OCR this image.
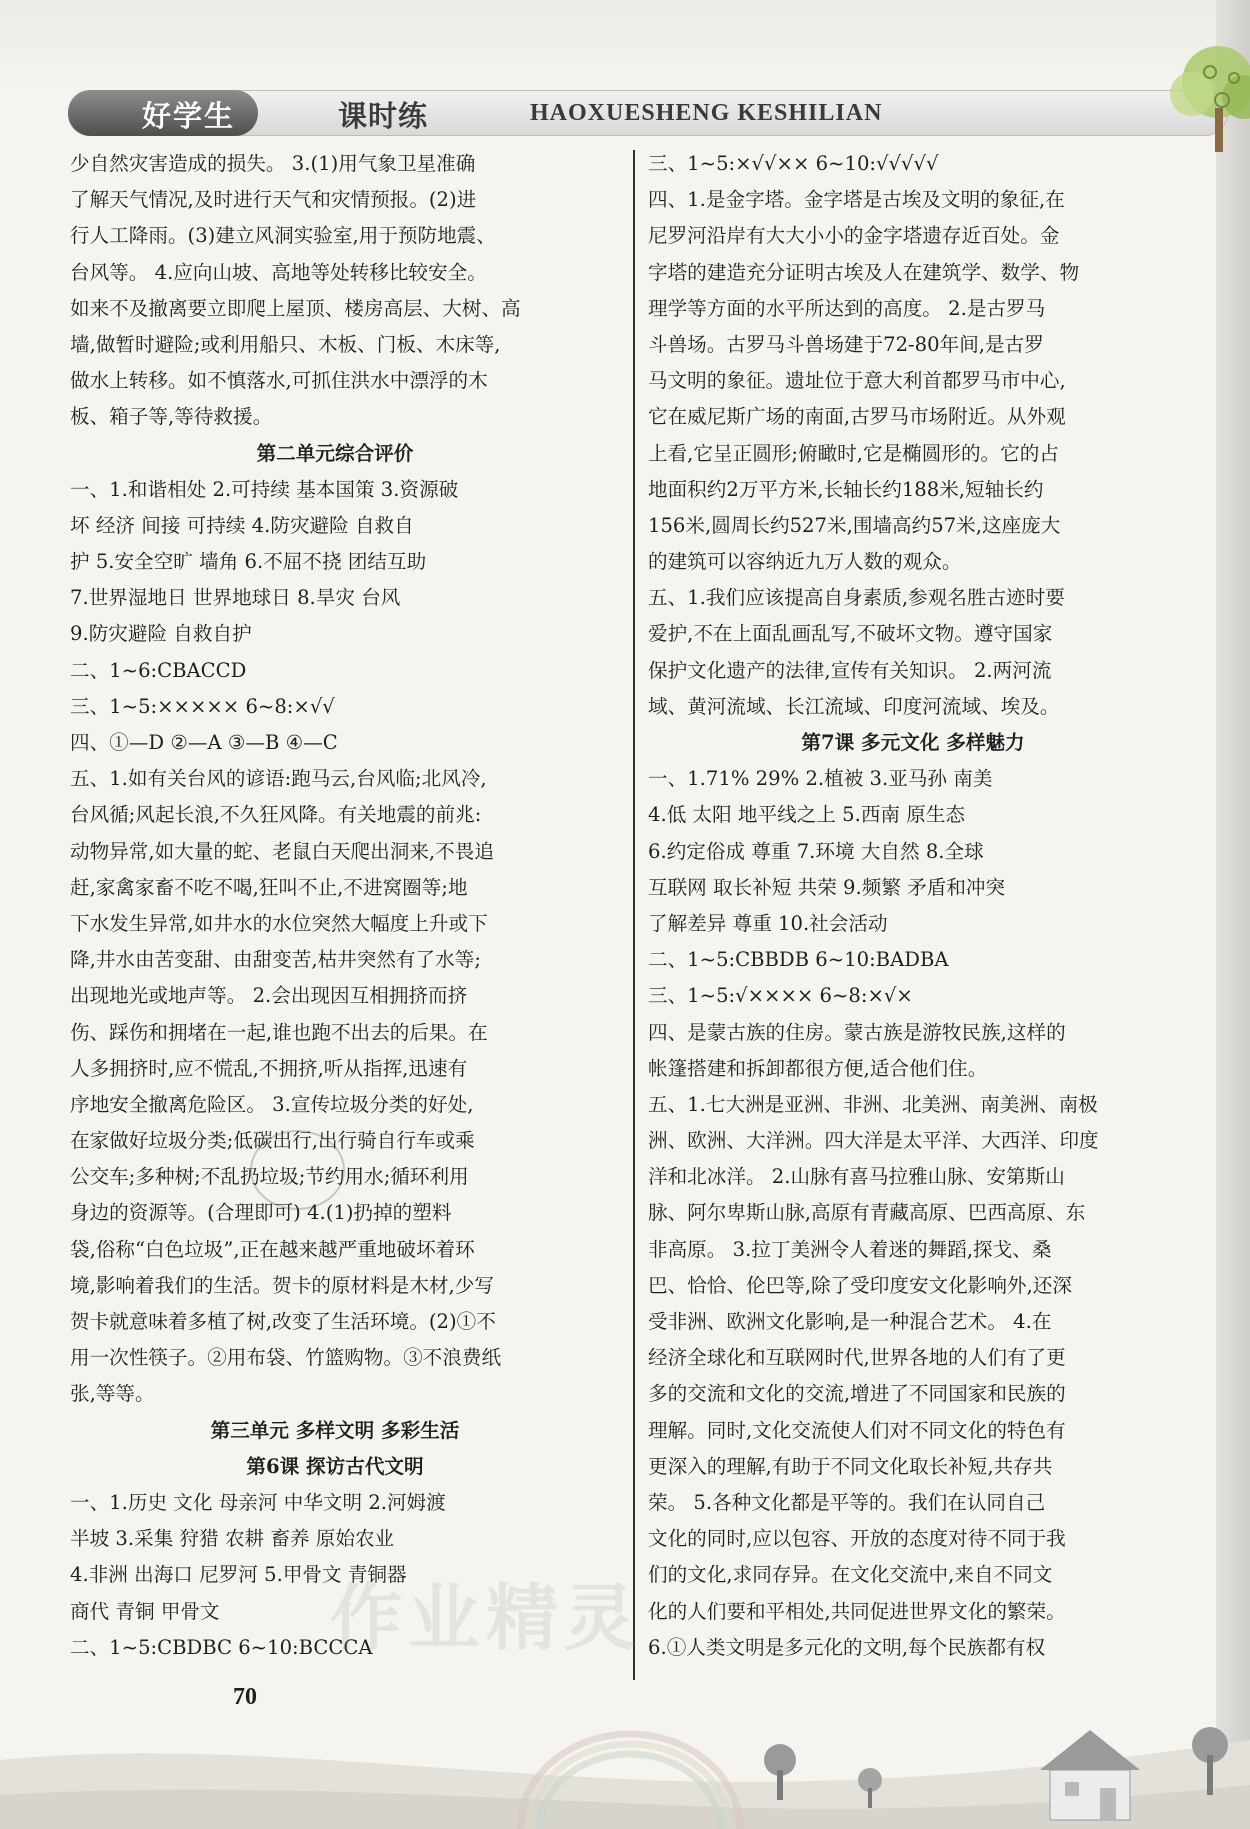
好学生	课时练	HAOXUESHENG KESHILIAN
少自然灾害造成的损失。 3.(1)用气象卫星准确
了解天气情况,及时进行天气和灾情预报。(2)进
行人工降雨。(3)建立风洞实验室,用于预防地震、
台风等。 4.应向山坡、高地等处转移比较安全。
如来不及撤离要立即爬上屋顶、楼房高层、大树、高
墙,做暂时避险;或利用船只、木板、门板、木床等,
做水上转移。如不慎落水,可抓住洪水中漂浮的木
板、箱子等,等待救援。
第二单元综合评价
一、1.和谐相处 2.可持续 基本国策 3.资源破
坏 经济 间接 可持续 4.防灾避险 自救自
护 5.安全空旷 墙角 6.不屈不挠 团结互助
7.世界湿地日 世界地球日 8.旱灾 台风
9.防灾避险 自救自护
二、1~6:CBACCD
三、1~5:××××× 6~8:×√√
四、①—D ②—A ③—B ④—C
五、1.如有关台风的谚语:跑马云,台风临;北风冷,
台风循;风起长浪,不久狂风降。有关地震的前兆:
动物异常,如大量的蛇、老鼠白天爬出洞来,不畏追
赶,家禽家畜不吃不喝,狂叫不止,不进窝圈等;地
下水发生异常,如井水的水位突然大幅度上升或下
降,井水由苦变甜、由甜变苦,枯井突然有了水等;
出现地光或地声等。 2.会出现因互相拥挤而挤
伤、踩伤和拥堵在一起,谁也跑不出去的后果。在
人多拥挤时,应不慌乱,不拥挤,听从指挥,迅速有
序地安全撤离危险区。 3.宣传垃圾分类的好处,
在家做好垃圾分类;低碳出行,出行骑自行车或乘
公交车;多种树;不乱扔垃圾;节约用水;循环利用
身边的资源等。(合理即可) 4.(1)扔掉的塑料
袋,俗称“白色垃圾”,正在越来越严重地破坏着环
境,影响着我们的生活。贺卡的原材料是木材,少写
贺卡就意味着多植了树,改变了生活环境。(2)①不
用一次性筷子。②用布袋、竹篮购物。③不浪费纸
张,等等。
第三单元 多样文明 多彩生活
第6课 探访古代文明
一、1.历史 文化 母亲河 中华文明 2.河姆渡
半坡 3.采集 狩猎 农耕 畜养 原始农业
4.非洲 出海口 尼罗河 5.甲骨文 青铜器
商代 青铜 甲骨文
二、1~5:CBDBC 6~10:BCCCA
三、1~5:×√√×× 6~10:√√√√√
四、1.是金字塔。金字塔是古埃及文明的象征,在
尼罗河沿岸有大大小小的金字塔遗存近百处。金
字塔的建造充分证明古埃及人在建筑学、数学、物
理学等方面的水平所达到的高度。 2.是古罗马
斗兽场。古罗马斗兽场建于72-80年间,是古罗
马文明的象征。遗址位于意大利首都罗马市中心,
它在威尼斯广场的南面,古罗马市场附近。从外观
上看,它呈正圆形;俯瞰时,它是椭圆形的。它的占
地面积约2万平方米,长轴长约188米,短轴长约
156米,圆周长约527米,围墙高约57米,这座庞大
的建筑可以容纳近九万人数的观众。
五、1.我们应该提高自身素质,参观名胜古迹时要
爱护,不在上面乱画乱写,不破坏文物。遵守国家
保护文化遗产的法律,宣传有关知识。 2.两河流
域、黄河流域、长江流域、印度河流域、埃及。
第7课 多元文化 多样魅力
一、1.71% 29% 2.植被 3.亚马孙 南美
4.低 太阳 地平线之上 5.西南 原生态
6.约定俗成 尊重 7.环境 大自然 8.全球
互联网 取长补短 共荣 9.频繁 矛盾和冲突
了解差异 尊重 10.社会活动
二、1~5:CBBDB 6~10:BADBA
三、1~5:√×××× 6~8:×√×
四、是蒙古族的住房。蒙古族是游牧民族,这样的
帐篷搭建和拆卸都很方便,适合他们住。
五、1.七大洲是亚洲、非洲、北美洲、南美洲、南极
洲、欧洲、大洋洲。四大洋是太平洋、大西洋、印度
洋和北冰洋。 2.山脉有喜马拉雅山脉、安第斯山
脉、阿尔卑斯山脉,高原有青藏高原、巴西高原、东
非高原。 3.拉丁美洲令人着迷的舞蹈,探戈、桑
巴、恰恰、伦巴等,除了受印度安文化影响外,还深
受非洲、欧洲文化影响,是一种混合艺术。 4.在
经济全球化和互联网时代,世界各地的人们有了更
多的交流和文化的交流,增进了不同国家和民族的
理解。同时,文化交流使人们对不同文化的特色有
更深入的理解,有助于不同文化取长补短,共存共
荣。 5.各种文化都是平等的。我们在认同自己
文化的同时,应以包容、开放的态度对待不同于我
们的文化,求同存异。在文化交流中,来自不同文
化的人们要和平相处,共同促进世界文化的繁荣。
6.①人类文明是多元化的文明,每个民族都有权
作业精灵
70
